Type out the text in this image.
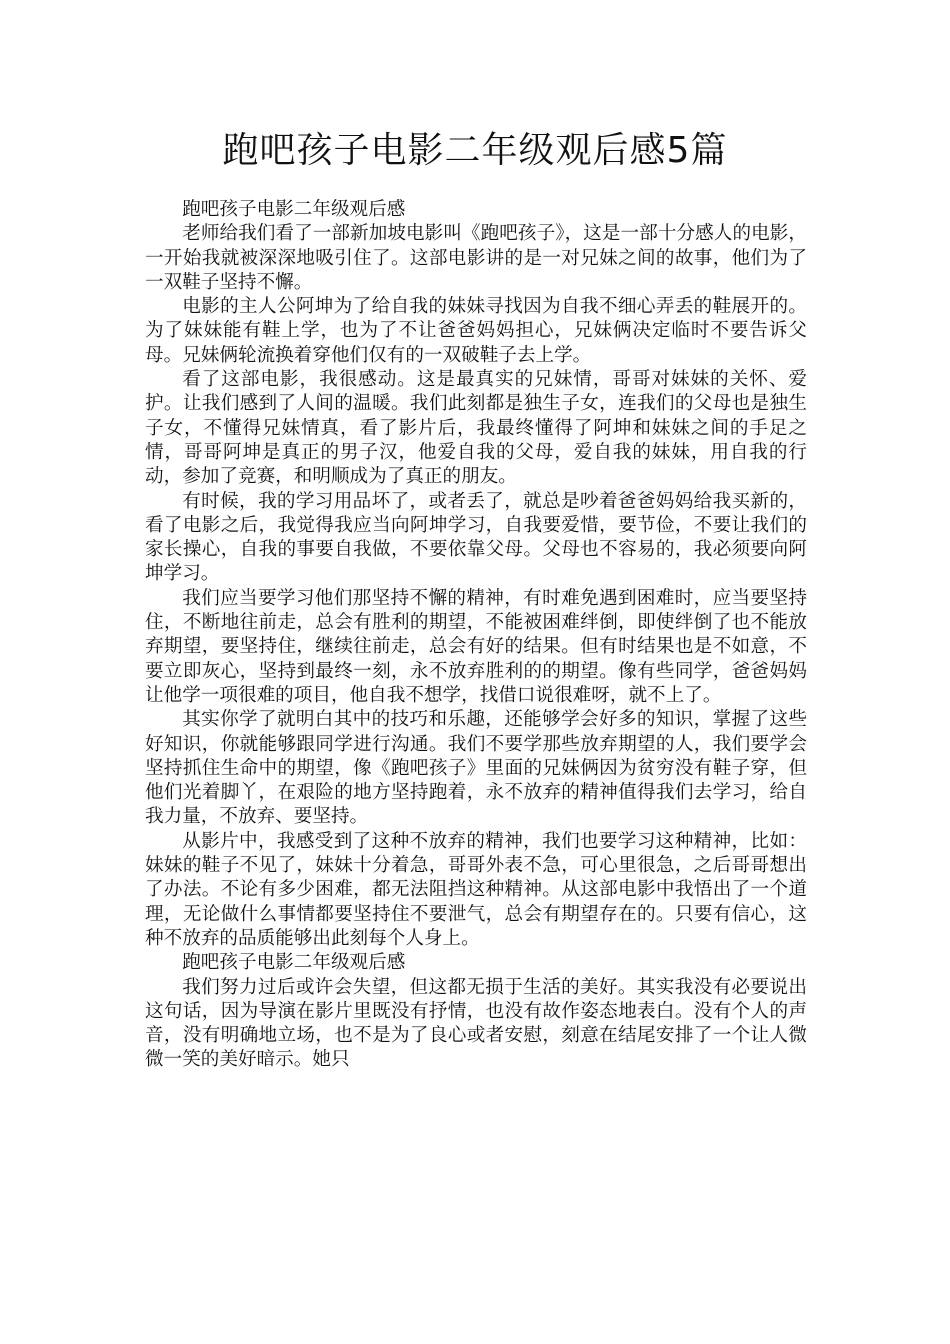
跑吧孩子电影二年级观后感5篇

跑吧孩子电影二年级观后感

老师给我们看了一部新加坡电影叫《跑吧孩子》，这是一部十分感人的电影，一开始我就被深深地吸引住了。这部电影讲的是一对兄妹之间的故事，他们为了一双鞋子坚持不懈。

电影的主人公阿坤为了给自我的妹妹寻找因为自我不细心弄丢的鞋展开的。为了妹妹能有鞋上学，也为了不让爸爸妈妈担心，兄妹俩决定临时不要告诉父母。兄妹俩轮流换着穿他们仅有的一双破鞋子去上学。

看了这部电影，我很感动。这是最真实的兄妹情，哥哥对妹妹的关怀、爱护。让我们感到了人间的温暖。我们此刻都是独生子女，连我们的父母也是独生子女，不懂得兄妹情真，看了影片后，我最终懂得了阿坤和妹妹之间的手足之情，哥哥阿坤是真正的男子汉，他爱自我的父母，爱自我的妹妹，用自我的行动，参加了竞赛，和明顺成为了真正的朋友。

有时候，我的学习用品坏了，或者丢了，就总是吵着爸爸妈妈给我买新的，看了电影之后，我觉得我应当向阿坤学习，自我要爱惜，要节俭，不要让我们的家长操心，自我的事要自我做，不要依靠父母。父母也不容易的，我必须要向阿坤学习。

我们应当要学习他们那坚持不懈的精神，有时难免遇到困难时，应当要坚持住，不断地往前走，总会有胜利的期望，不能被困难绊倒，即使绊倒了也不能放弃期望，要坚持住，继续往前走，总会有好的结果。但有时结果也是不如意，不要立即灰心，坚持到最终一刻，永不放弃胜利的的期望。像有些同学，爸爸妈妈让他学一项很难的项目，他自我不想学，找借口说很难呀，就不上了。

其实你学了就明白其中的技巧和乐趣，还能够学会好多的知识，掌握了这些好知识，你就能够跟同学进行沟通。我们不要学那些放弃期望的人，我们要学会坚持抓住生命中的期望，像《跑吧孩子》里面的兄妹俩因为贫穷没有鞋子穿，但他们光着脚丫，在艰险的地方坚持跑着，永不放弃的精神值得我们去学习，给自我力量，不放弃、要坚持。

从影片中，我感受到了这种不放弃的精神，我们也要学习这种精神，比如：妹妹的鞋子不见了，妹妹十分着急，哥哥外表不急，可心里很急，之后哥哥想出了办法。不论有多少困难，都无法阻挡这种精神。从这部电影中我悟出了一个道理，无论做什么事情都要坚持住不要泄气，总会有期望存在的。只要有信心，这种不放弃的品质能够出此刻每个人身上。

跑吧孩子电影二年级观后感

我们努力过后或许会失望，但这都无损于生活的美好。其实我没有必要说出这句话，因为导演在影片里既没有抒情，也没有故作姿态地表白。没有个人的声音，没有明确地立场，也不是为了良心或者安慰，刻意在结尾安排了一个让人微微一笑的美好暗示。她只
